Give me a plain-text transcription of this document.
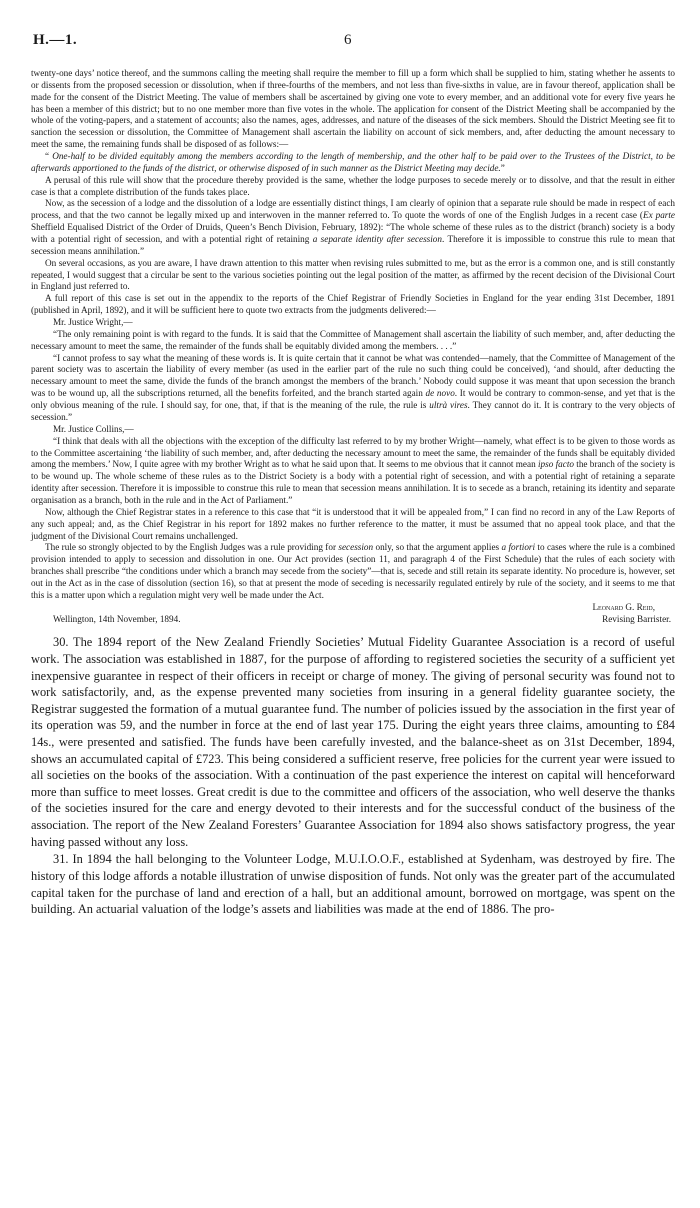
H.—1.	6

twenty-one days’ notice thereof, and the summons calling the meeting shall require the member to fill up a form which shall be supplied to him, stating whether he assents to or dissents from the proposed secession or dissolution, when if three-fourths of the members, and not less than five-sixths in value, are in favour thereof, application shall be made for the consent of the District Meeting. The value of members shall be ascertained by giving one vote to every member, and an additional vote for every five years he has been a member of this district; but to no one member more than five votes in the whole. The application for consent of the District Meeting shall be accompanied by the whole of the voting-papers, and a statement of accounts; also the names, ages, addresses, and nature of the diseases of the sick members. Should the District Meeting see fit to sanction the secession or dissolution, the Committee of Management shall ascertain the liability on account of sick members, and, after deducting the amount necessary to meet the same, the remaining funds shall be disposed of as follows:—

“ One-half to be divided equitably among the members according to the length of membership, and the other half to be paid over to the Trustees of the District, to be afterwards apportioned to the funds of the district, or otherwise disposed of in such manner as the District Meeting may decide.”

A perusal of this rule will show that the procedure thereby provided is the same, whether the lodge purposes to secede merely or to dissolve, and that the result in either case is that a complete distribution of the funds takes place.

Now, as the secession of a lodge and the dissolution of a lodge are essentially distinct things, I am clearly of opinion that a separate rule should be made in respect of each process, and that the two cannot be legally mixed up and interwoven in the manner referred to. To quote the words of one of the English Judges in a recent case (Ex parte Sheffield Equalised District of the Order of Druids, Queen’s Bench Division, February, 1892): “The whole scheme of these rules as to the district (branch) society is a body with a potential right of secession, and with a potential right of retaining a separate identity after secession. Therefore it is impossible to construe this rule to mean that secession means annihilation.”

On several occasions, as you are aware, I have drawn attention to this matter when revising rules submitted to me, but as the error is a common one, and is still constantly repeated, I would suggest that a circular be sent to the various societies pointing out the legal position of the matter, as affirmed by the recent decision of the Divisional Court in England just referred to.

A full report of this case is set out in the appendix to the reports of the Chief Registrar of Friendly Societies in England for the year ending 31st December, 1891 (published in April, 1892), and it will be sufficient here to quote two extracts from the judgments delivered:—

Mr. Justice Wright,—

“The only remaining point is with regard to the funds. It is said that the Committee of Management shall ascertain the liability of such member, and, after deducting the necessary amount to meet the same, the remainder of the funds shall be equitably divided among the members. . . .”

“I cannot profess to say what the meaning of these words is. It is quite certain that it cannot be what was contended—namely, that the Committee of Management of the parent society was to ascertain the liability of every member (as used in the earlier part of the rule no such thing could be conceived), ‘and should, after deducting the necessary amount to meet the same, divide the funds of the branch amongst the members of the branch.’ Nobody could suppose it was meant that upon secession the branch was to be wound up, all the subscriptions returned, all the benefits forfeited, and the branch started again de novo. It would be contrary to common-sense, and yet that is the only obvious meaning of the rule. I should say, for one, that, if that is the meaning of the rule, the rule is ultrà vires. They cannot do it. It is contrary to the very objects of secession.”

Mr. Justice Collins,—

“I think that deals with all the objections with the exception of the difficulty last referred to by my brother Wright—namely, what effect is to be given to those words as to the Committee ascertaining ‘the liability of such member, and, after deducting the necessary amount to meet the same, the remainder of the funds shall be equitably divided among the members.’ Now, I quite agree with my brother Wright as to what he said upon that. It seems to me obvious that it cannot mean ipso facto the branch of the society is to be wound up. The whole scheme of these rules as to the District Society is a body with a potential right of secession, and with a potential right of retaining a separate identity after secession. Therefore it is impossible to construe this rule to mean that secession means annihilation. It is to secede as a branch, retaining its identity and separate organisation as a branch, both in the rule and in the Act of Parliament.”

Now, although the Chief Registrar states in a reference to this case that “it is understood that it will be appealed from,” I can find no record in any of the Law Reports of any such appeal; and, as the Chief Registrar in his report for 1892 makes no further reference to the matter, it must be assumed that no appeal took place, and that the judgment of the Divisional Court remains unchallenged.

The rule so strongly objected to by the English Judges was a rule providing for secession only, so that the argument applies a fortiori to cases where the rule is a combined provision intended to apply to secession and dissolution in one. Our Act provides (section 11, and paragraph 4 of the First Schedule) that the rules of each society with branches shall prescribe “the conditions under which a branch may secede from the society”—that is, secede and still retain its separate identity. No procedure is, however, set out in the Act as in the case of dissolution (section 16), so that at present the mode of seceding is necessarily regulated entirely by rule of the society, and it seems to me that this is a matter upon which a regulation might very well be made under the Act.

Leonard G. Reid,
Wellington, 14th November, 1894.	Revising Barrister.

30. The 1894 report of the New Zealand Friendly Societies’ Mutual Fidelity Guarantee Association is a record of useful work. The association was established in 1887, for the purpose of affording to registered societies the security of a sufficient yet inexpensive guarantee in respect of their officers in receipt or charge of money. The giving of personal security was found not to work satisfactorily, and, as the expense prevented many societies from insuring in a general fidelity guarantee society, the Registrar suggested the formation of a mutual guarantee fund. The number of policies issued by the association in the first year of its operation was 59, and the number in force at the end of last year 175. During the eight years three claims, amounting to £84 14s., were presented and satisfied. The funds have been carefully invested, and the balance-sheet as on 31st December, 1894, shows an accumulated capital of £723. This being considered a sufficient reserve, free policies for the current year were issued to all societies on the books of the association. With a continuation of the past experience the interest on capital will henceforward more than suffice to meet losses. Great credit is due to the committee and officers of the association, who well deserve the thanks of the societies insured for the care and energy devoted to their interests and for the successful conduct of the business of the association. The report of the New Zealand Foresters’ Guarantee Association for 1894 also shows satisfactory progress, the year having passed without any loss.

31. In 1894 the hall belonging to the Volunteer Lodge, M.U.I.O.O.F., established at Sydenham, was destroyed by fire. The history of this lodge affords a notable illustration of unwise disposition of funds. Not only was the greater part of the accumulated capital taken for the purchase of land and erection of a hall, but an additional amount, borrowed on mortgage, was spent on the building. An actuarial valuation of the lodge’s assets and liabilities was made at the end of 1886. The pro-
